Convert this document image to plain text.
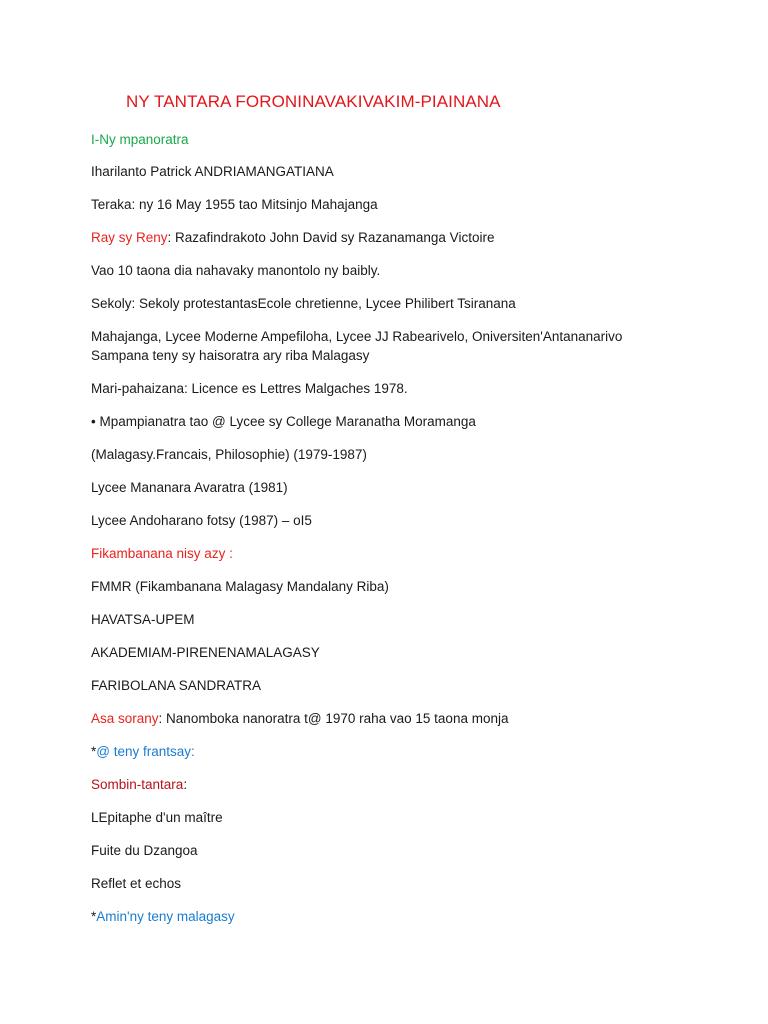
NY TANTARA FORONINAVAKIVAKIM-PIAINANA
I-Ny mpanoratra
Iharilanto Patrick ANDRIAMANGATIANA
Teraka: ny 16 May 1955 tao Mitsinjo Mahajanga
Ray sy Reny: Razafindrakoto John David sy Razanamanga Victoire
Vao 10 taona dia nahavaky manontolo ny baibly.
Sekoly: Sekoly protestantasEcole chretienne, Lycee Philibert Tsiranana
Mahajanga, Lycee Moderne Ampefiloha, Lycee JJ Rabearivelo, Oniversiten'Antananarivo
Sampana teny sy haisoratra ary riba Malagasy
Mari-pahaizana: Licence es Lettres Malgaches 1978.
• Mpampianatra tao @ Lycee sy College Maranatha Moramanga
(Malagasy.Francais, Philosophie) (1979-1987)
Lycee Mananara Avaratra (1981)
Lycee Andoharano fotsy (1987) – oI5
Fikambanana nisy azy :
FMMR (Fikambanana Malagasy Mandalany Riba)
HAVATSA-UPEM
AKADEMIAM-PIRENENAMALAGASY
FARIBOLANA SANDRATRA
Asa sorany: Nanomboka nanoratra t@ 1970 raha vao 15 taona monja
*@ teny frantsay:
Sombin-tantara:
LEpitaphe d'un maître
Fuite du Dzangoa
Reflet et echos
*Amin'ny teny malagasy
